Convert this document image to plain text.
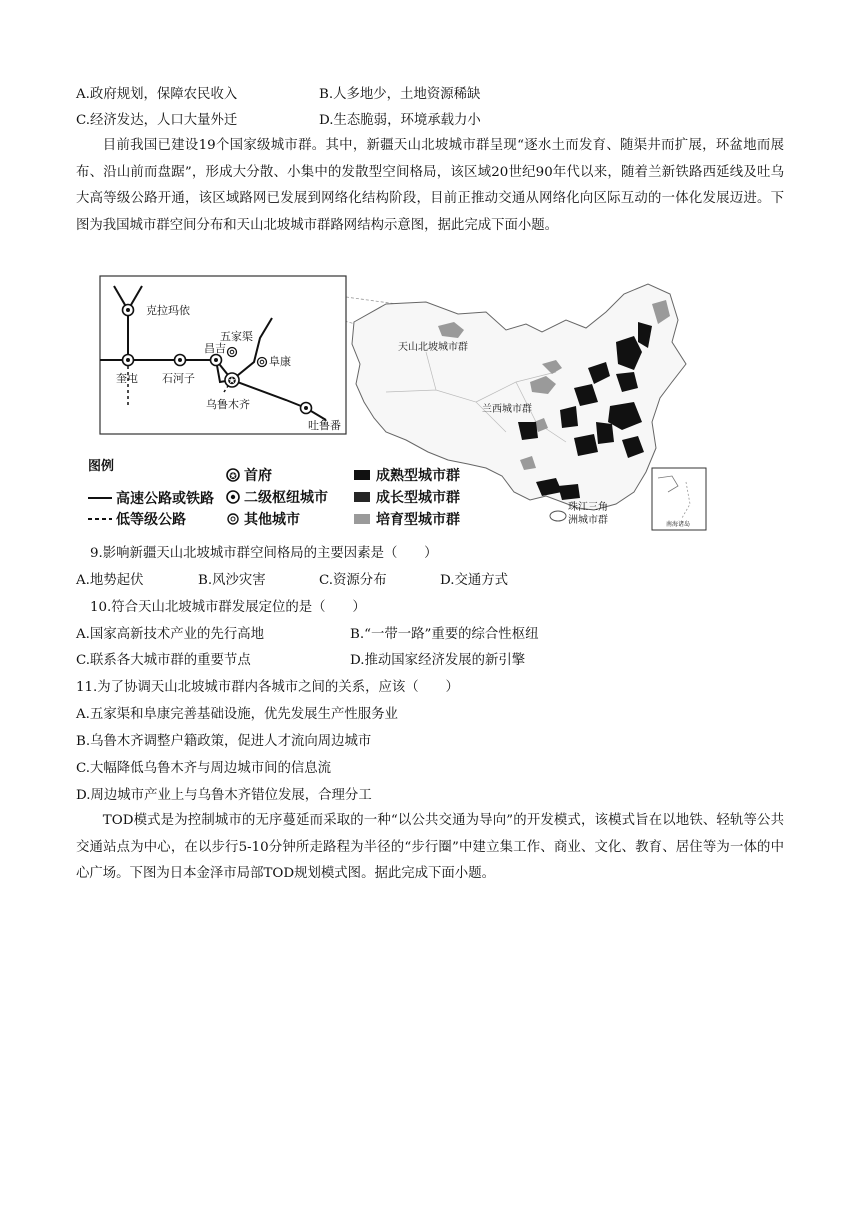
A.政府规划，保障农民收入	B.人多地少，土地资源稀缺
C.经济发达，人口大量外迁	D.生态脆弱，环境承载力小
目前我国已建设19个国家级城市群。其中，新疆天山北坡城市群呈现“逐水土而发育、随渠井而扩展，环盆地而展布、沿山前而盘踞”，形成大分散、小集中的发散型空间格局，该区域20世纪90年代以来，随着兰新铁路西延线及吐乌大高等级公路开通，该区域路网已发展到网络化结构阶段，目前正推动交通从网络化向区际互动的一体化发展迈进。下图为我国城市群空间分布和天山北坡城市群路网结构示意图，据此完成下面小题。
克拉玛依
奎屯 石河子
昌吉
五家渠
阜康
✪
乌鲁木齐
吐鲁番
天山北坡城市群
兰西城市群
珠江三角
洲城市群	南海诸岛
图例
高速公路或铁路
低等级公路
✪ 首府
二级枢纽城市
其他城市
成熟型城市群
成长型城市群
培育型城市群
9.影响新疆天山北坡城市群空间格局的主要因素是（　　）
A.地势起伏	B.风沙灾害	C.资源分布	D.交通方式
10.符合天山北坡城市群发展定位的是（　　）
A.国家高新技术产业的先行高地	B.“一带一路”重要的综合性枢纽
C.联系各大城市群的重要节点	D.推动国家经济发展的新引擎
11.为了协调天山北坡城市群内各城市之间的关系，应该（　　）
A.五家渠和阜康完善基础设施，优先发展生产性服务业
B.乌鲁木齐调整户籍政策，促进人才流向周边城市
C.大幅降低乌鲁木齐与周边城市间的信息流
D.周边城市产业上与乌鲁木齐错位发展，合理分工
TOD模式是为控制城市的无序蔓延而采取的一种“以公共交通为导向”的开发模式，该模式旨在以地铁、轻轨等公共交通站点为中心，在以步行5-10分钟所走路程为半径的“步行圈”中建立集工作、商业、文化、教育、居住等为一体的中心广场。下图为日本金泽市局部TOD规划模式图。据此完成下面小题。
